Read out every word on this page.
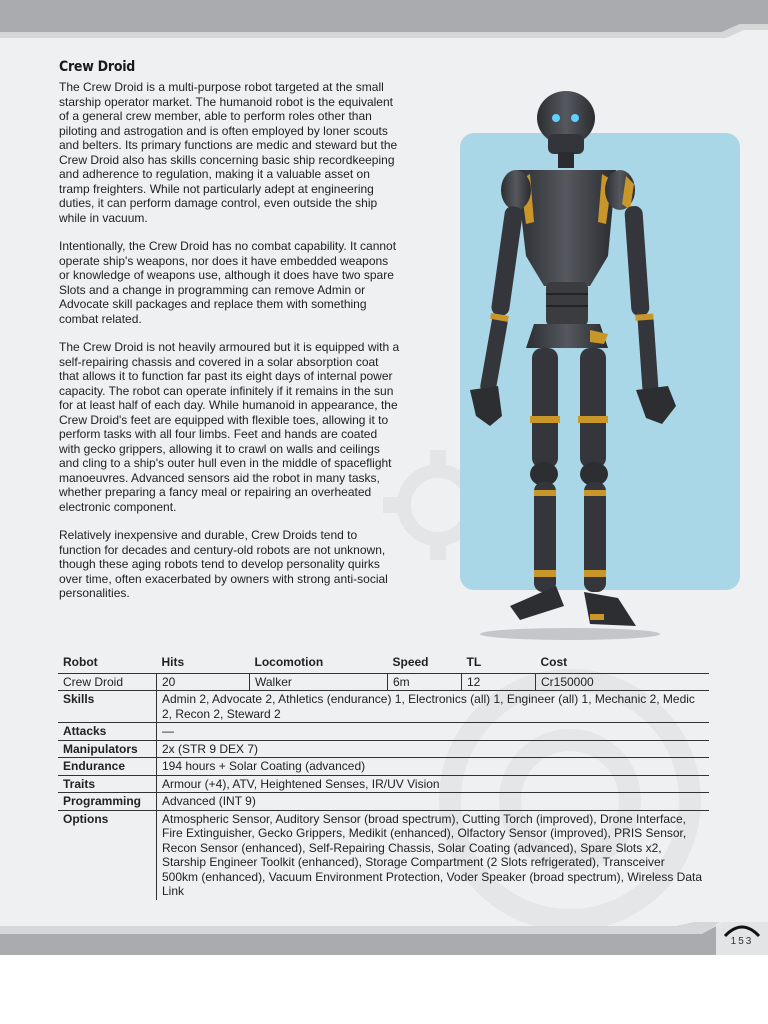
Crew Droid

The Crew Droid is a multi-purpose robot targeted at the small starship operator market. The humanoid robot is the equivalent of a general crew member, able to perform roles other than piloting and astrogation and is often employed by loner scouts and belters. Its primary functions are medic and steward but the Crew Droid also has skills concerning basic ship recordkeeping and adherence to regulation, making it a valuable asset on tramp freighters. While not particularly adept at engineering duties, it can perform damage control, even outside the ship while in vacuum.

Intentionally, the Crew Droid has no combat capability. It cannot operate ship's weapons, nor does it have embedded weapons or knowledge of weapons use, although it does have two spare Slots and a change in programming can remove Admin or Advocate skill packages and replace them with something combat related.

The Crew Droid is not heavily armoured but it is equipped with a self-repairing chassis and covered in a solar absorption coat that allows it to function far past its eight days of internal power capacity. The robot can operate infinitely if it remains in the sun for at least half of each day. While humanoid in appearance, the Crew Droid's feet are equipped with flexible toes, allowing it to perform tasks with all four limbs. Feet and hands are coated with gecko grippers, allowing it to crawl on walls and ceilings and cling to a ship's outer hull even in the middle of spaceflight manoeuvres. Advanced sensors aid the robot in many tasks, whether preparing a fancy meal or repairing an overheated electronic component.

Relatively inexpensive and durable, Crew Droids tend to function for decades and century-old robots are not unknown, though these aging robots tend to develop personality quirks over time, often exacerbated by owners with strong anti-social personalities.

Robot	Hits	Locomotion	Speed	TL	Cost
Crew Droid	20	Walker	6m	12	Cr150000
Skills	Admin 2, Advocate 2, Athletics (endurance) 1, Electronics (all) 1, Engineer (all) 1, Mechanic 2, Medic 2, Recon 2, Steward 2				
Attacks	—				
Manipulators	2x (STR 9 DEX 7)				
Endurance	194 hours + Solar Coating (advanced)				
Traits	Armour (+4), ATV, Heightened Senses, IR/UV Vision				
Programming	Advanced (INT 9)				
Options	Atmospheric Sensor, Auditory Sensor (broad spectrum), Cutting Torch (improved), Drone Interface, Fire Extinguisher, Gecko Grippers, Medikit (enhanced), Olfactory Sensor (improved), PRIS Sensor, Recon Sensor (enhanced), Self-Repairing Chassis, Solar Coating (advanced), Spare Slots x2, Starship Engineer Toolkit (enhanced), Storage Compartment (2 Slots refrigerated), Transceiver 500km (enhanced), Vacuum Environment Protection, Voder Speaker (broad spectrum), Wireless Data Link				
153
